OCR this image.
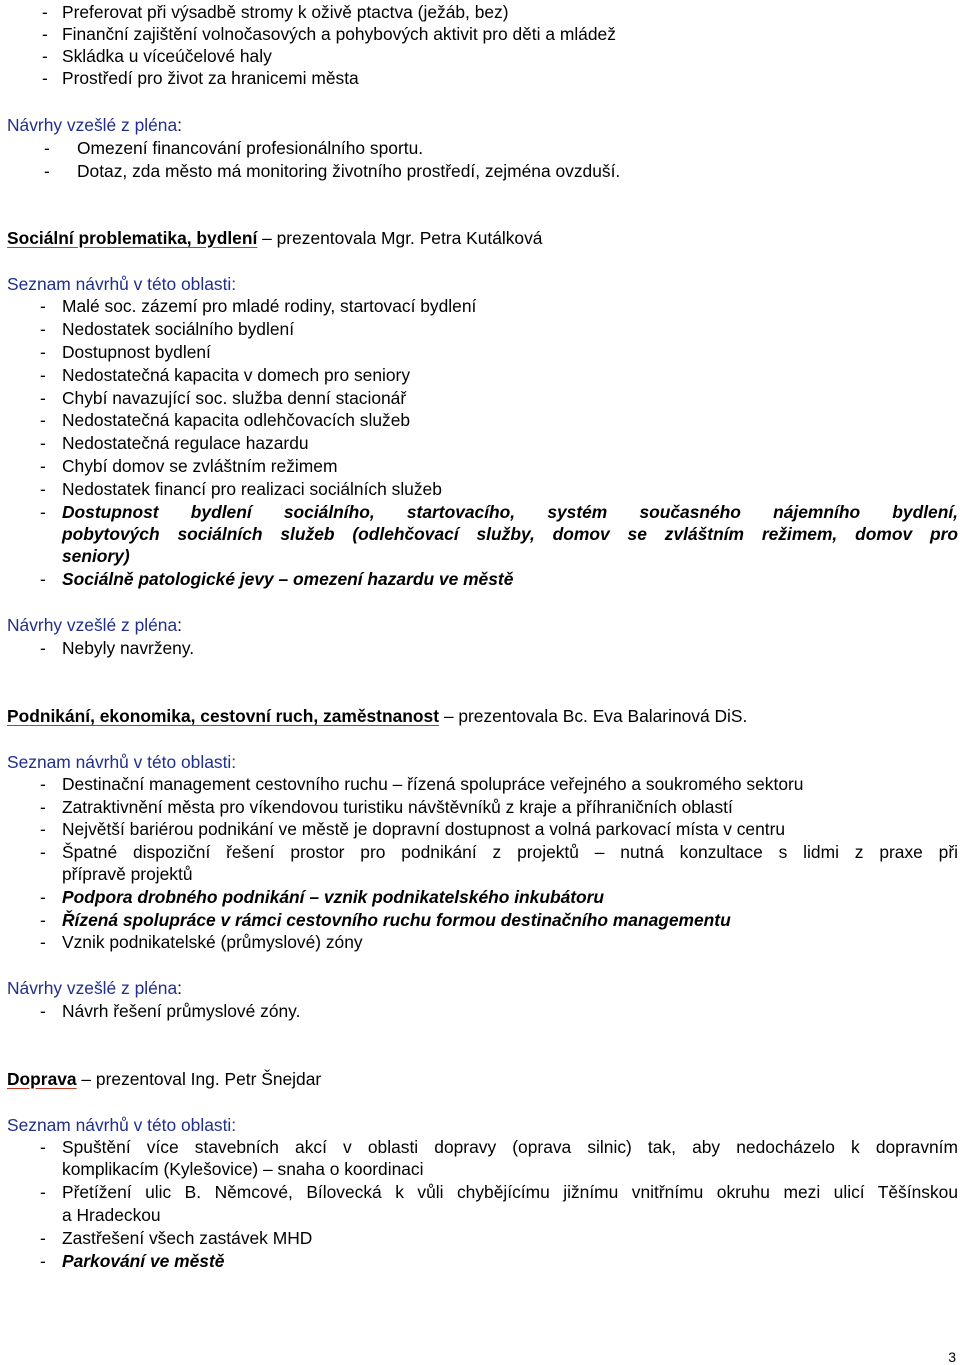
- Preferovat při výsadbě stromy k oživě ptactva (ježáb, bez)
- Finanční zajištění volnočasových a pohybových aktivit pro děti a mládež
- Skládka u víceúčelové haly
- Prostředí pro život za hranicemi města
Návrhy vzešlé z pléna:
- Omezení financování profesionálního sportu.
- Dotaz, zda město má monitoring životního prostředí, zejména ovzduší.
Sociální problematika, bydlení – prezentovala Mgr. Petra Kutálková
Seznam návrhů v této oblasti:
- Malé soc. zázemí pro mladé rodiny, startovací bydlení
- Nedostatek sociálního bydlení
- Dostupnost bydlení
- Nedostatečná kapacita v domech pro seniory
- Chybí navazující soc. služba denní stacionář
- Nedostatečná kapacita odlehčovacích služeb
- Nedostatečná regulace hazardu
- Chybí domov se zvláštním režimem
- Nedostatek financí pro realizaci sociálních služeb
- Dostupnost bydlení sociálního, startovacího, systém současného nájemního bydlení,
pobytových sociálních služeb (odlehčovací služby, domov se zvláštním režimem, domov pro
seniory)
- Sociálně patologické jevy – omezení hazardu ve městě
Návrhy vzešlé z pléna:
- Nebyly navrženy.
Podnikání, ekonomika, cestovní ruch, zaměstnanost – prezentovala Bc. Eva Balarinová DiS.
Seznam návrhů v této oblasti:
- Destinační management cestovního ruchu – řízená spolupráce veřejného a soukromého sektoru
- Zatraktivnění města pro víkendovou turistiku návštěvníků z kraje a příhraničních oblastí
- Největší bariérou podnikání ve městě je dopravní dostupnost a volná parkovací místa v centru
- Špatné dispoziční řešení prostor pro podnikání z projektů – nutná konzultace s lidmi z praxe při
přípravě projektů
- Podpora drobného podnikání – vznik podnikatelského inkubátoru
- Řízená spolupráce v rámci cestovního ruchu formou destinačního managementu
- Vznik podnikatelské (průmyslové) zóny
Návrhy vzešlé z pléna:
- Návrh řešení průmyslové zóny.
Doprava – prezentoval Ing. Petr Šnejdar
Seznam návrhů v této oblasti:
- Spuštění více stavebních akcí v oblasti dopravy (oprava silnic) tak, aby nedocházelo k dopravním
komplikacím (Kylešovice) – snaha o koordinaci
- Přetížení ulic B. Němcové, Bílovecká k vůli chybějícímu jižnímu vnitřnímu okruhu mezi ulicí Těšínskou
a Hradeckou
- Zastřešení všech zastávek MHD
- Parkování ve městě
3
